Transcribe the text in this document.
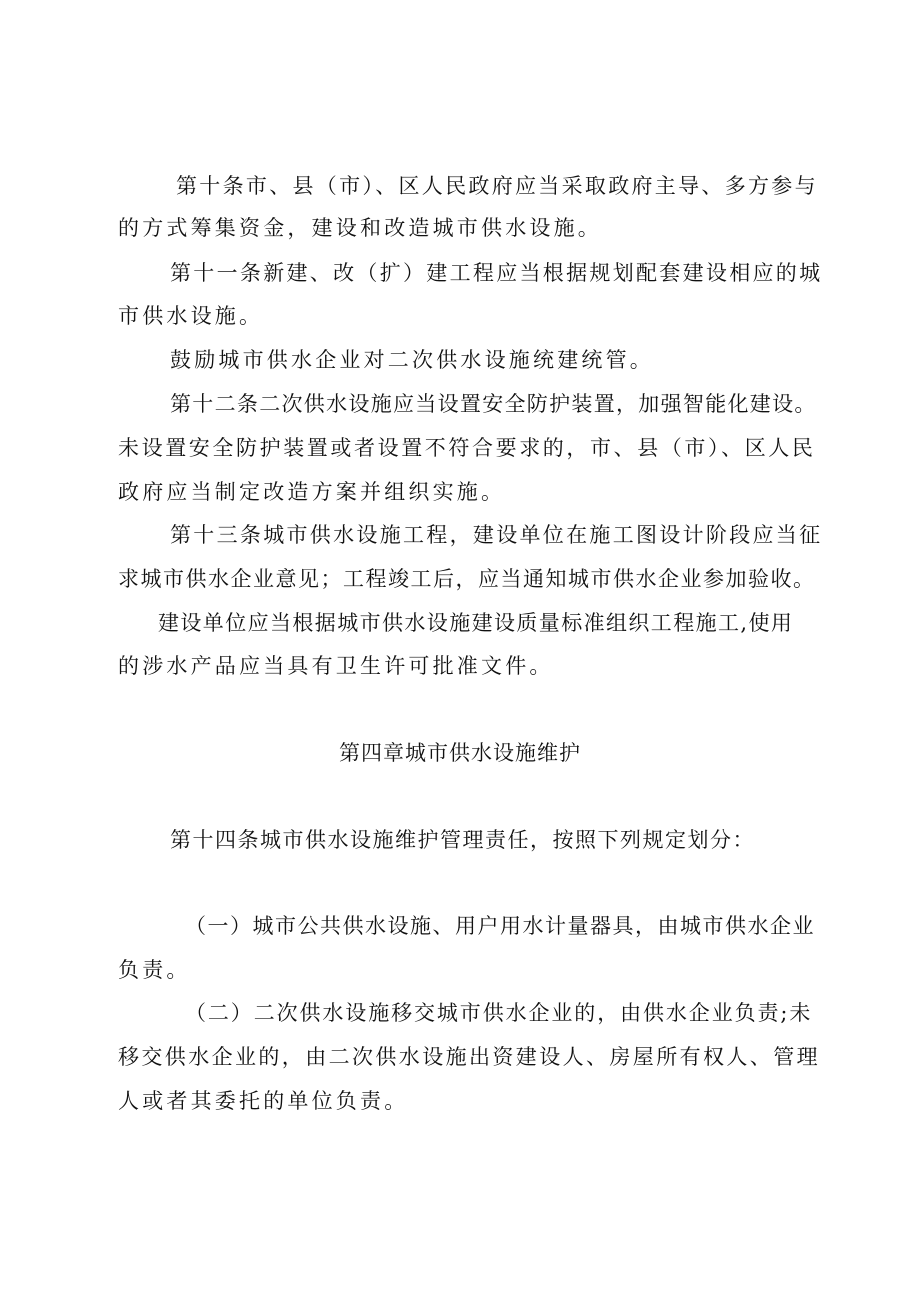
第十条市、县（市）、区人民政府应当采取政府主导、多方参与
的方式筹集资金，建设和改造城市供水设施。
第十一条新建、改（扩）建工程应当根据规划配套建设相应的城
市供水设施。
鼓励城市供水企业对二次供水设施统建统管。
第十二条二次供水设施应当设置安全防护装置，加强智能化建设。
未设置安全防护装置或者设置不符合要求的，市、县（市）、区人民
政府应当制定改造方案并组织实施。
第十三条城市供水设施工程，建设单位在施工图设计阶段应当征
求城市供水企业意见；工程竣工后，应当通知城市供水企业参加验收。
建设单位应当根据城市供水设施建设质量标准组织工程施工,使用
的涉水产品应当具有卫生许可批准文件。
第四章城市供水设施维护
第十四条城市供水设施维护管理责任，按照下列规定划分：
（一）城市公共供水设施、用户用水计量器具，由城市供水企业
负责。
（二）二次供水设施移交城市供水企业的，由供水企业负责;未
移交供水企业的，由二次供水设施出资建设人、房屋所有权人、管理
人或者其委托的单位负责。
